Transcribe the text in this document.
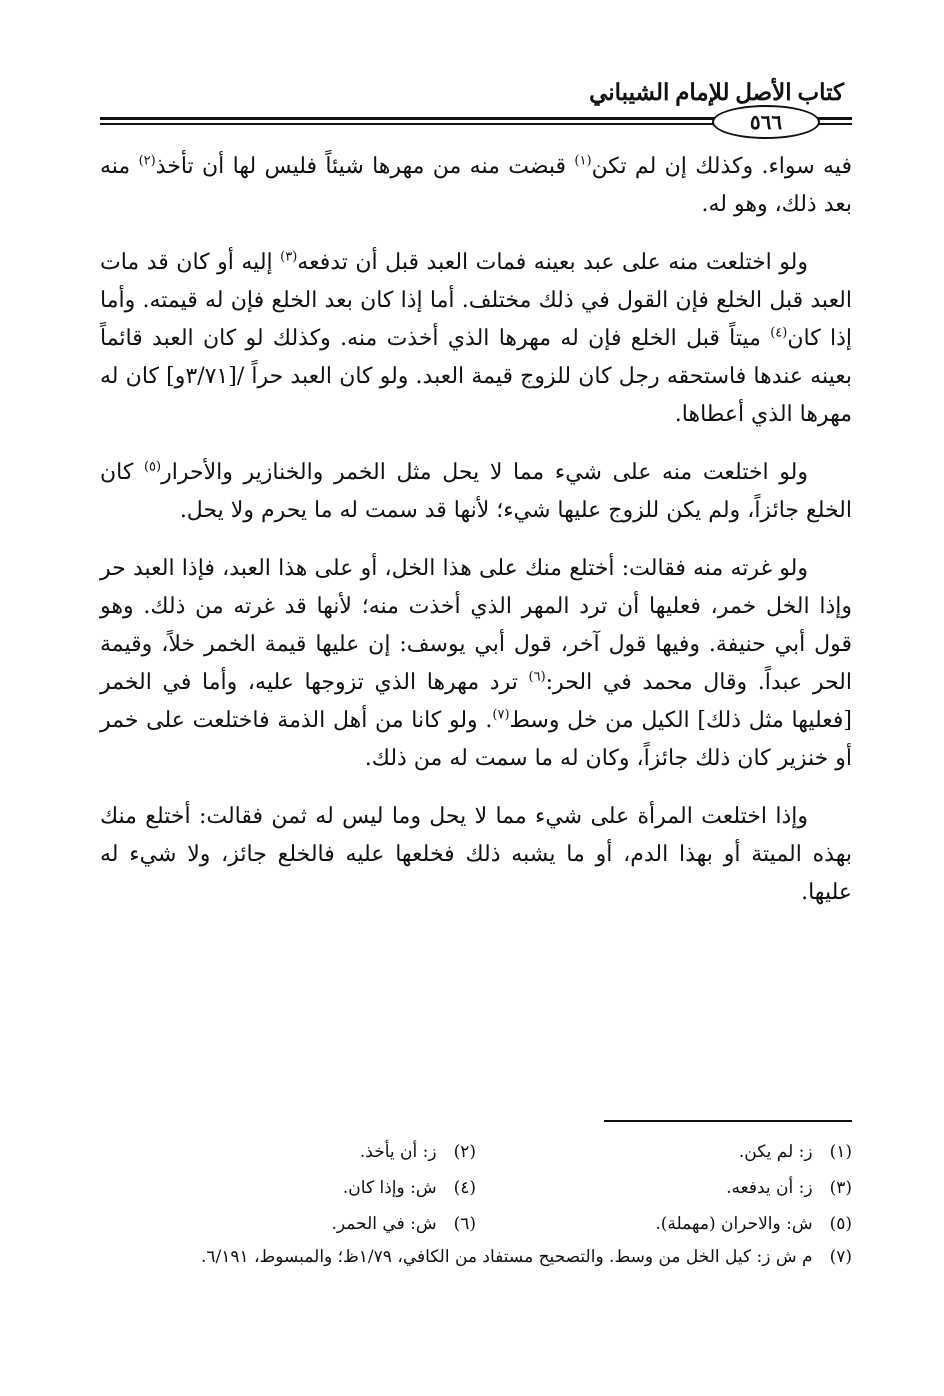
كتاب الأصل للإمام الشيباني
٥٦٦

فيه سواء. وكذلك إن لم تكن$^{(١)}$ قبضت منه من مهرها شيئاً فليس لها أن تأخذ$^{(٢)}$ منه بعد ذلك، وهو له.

ولو اختلعت منه على عبد بعينه فمات العبد قبل أن تدفعه$^{(٣)}$ إليه أو كان قد مات العبد قبل الخلع فإن القول في ذلك مختلف. أما إذا كان بعد الخلع فإن له قيمته. وأما إذا كان$^{(٤)}$ ميتاً قبل الخلع فإن له مهرها الذي أخذت منه. وكذلك لو كان العبد قائماً بعينه عندها فاستحقه رجل كان للزوج قيمة العبد. ولو كان العبد حراً /[٣/٧١و] كان له مهرها الذي أعطاها.

ولو اختلعت منه على شيء مما لا يحل مثل الخمر والخنازير والأحرار$^{(٥)}$ كان الخلع جائزاً، ولم يكن للزوج عليها شيء؛ لأنها قد سمت له ما يحرم ولا يحل.

ولو غرته منه فقالت: أختلع منك على هذا الخل، أو على هذا العبد، فإذا العبد حر وإذا الخل خمر، فعليها أن ترد المهر الذي أخذت منه؛ لأنها قد غرته من ذلك. وهو قول أبي حنيفة. وفيها قول آخر، قول أبي يوسف: إن عليها قيمة الخمر خلاً، وقيمة الحر عبداً. وقال محمد في الحر:$^{(٦)}$ ترد مهرها الذي تزوجها عليه، وأما في الخمر [فعليها مثل ذلك] الكيل من خل وسط$^{(٧)}$. ولو كانا من أهل الذمة فاختلعت على خمر أو خنزير كان ذلك جائزاً، وكان له ما سمت له من ذلك.

وإذا اختلعت المرأة على شيء مما لا يحل وما ليس له ثمن فقالت: أختلع منك بهذه الميتة أو بهذا الدم، أو ما يشبه ذلك فخلعها عليه فالخلع جائز، ولا شيء له عليها.

(١) ز: لم يكن.
(٢) ز: أن يأخذ.
(٣) ز: أن يدفعه.
(٤) ش: وإذا كان.
(٥) ش: والاحران (مهملة).
(٦) ش: في الحمر.
(٧) م ش ز: كيل الخل من وسط. والتصحيح مستفاد من الكافي، ١/٧٩ظ؛ والمبسوط، ٦/١٩١.
